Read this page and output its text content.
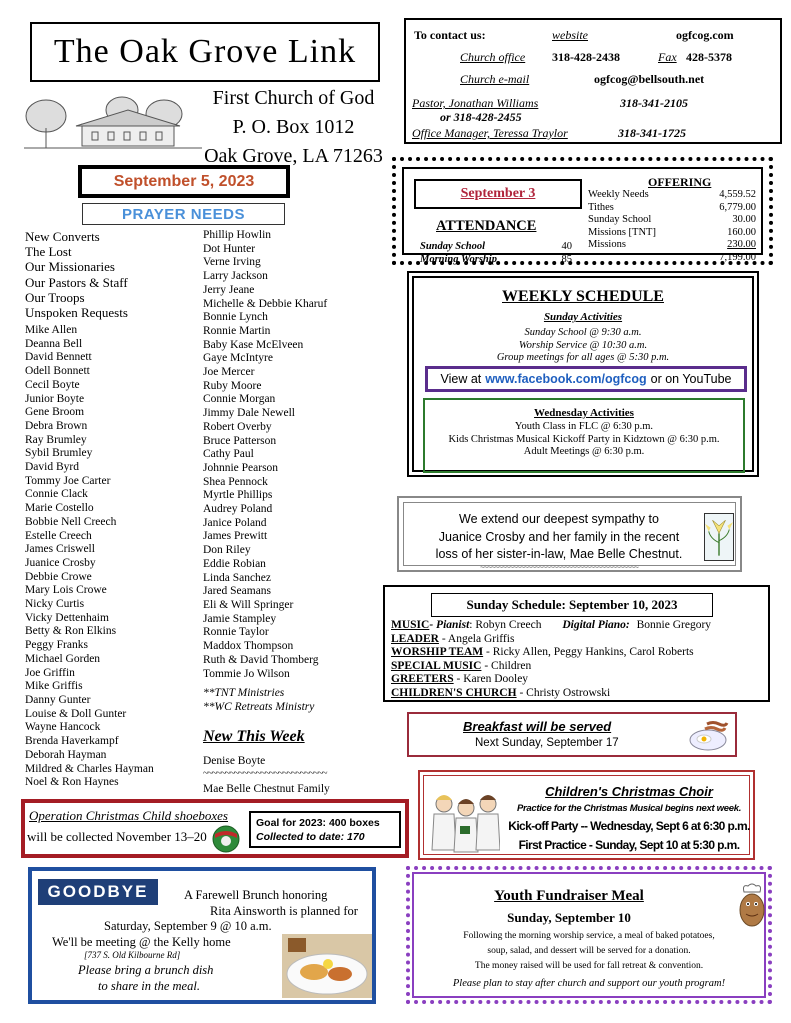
The Oak Grove Link
First Church of God
P. O. Box 1012
Oak Grove, LA 71263
September 5, 2023
PRAYER NEEDS
New Converts
The Lost
Our Missionaries
Our Pastors & Staff
Our Troops
Unspoken Requests
Mike Allen
Deanna Bell
David Bennett
Odell Bonnett
Cecil Boyte
Junior Boyte
Gene Broom
Debra Brown
Ray Brumley
Sybil Brumley
David Byrd
Tommy Joe Carter
Connie Clack
Marie Costello
Bobbie Nell Creech
Estelle Creech
James Criswell
Juanice Crosby
Debbie Crowe
Mary Lois Crowe
Nicky Curtis
Vicky Dettenhaim
Betty & Ron Elkins
Peggy Franks
Michael Gorden
Joe Griffin
Mike Griffis
Danny Gunter
Louise & Doll Gunter
Wayne Hancock
Brenda Haverkampf
Deborah Hayman
Mildred & Charles Hayman
Noel & Ron Haynes
Phillip Howlin
Dot Hunter
Verne Irving
Larry Jackson
Jerry Jeane
Michelle & Debbie Kharuf
Bonnie Lynch
Ronnie Martin
Baby Kase McElveen
Gaye McIntyre
Joe Mercer
Ruby Moore
Connie Morgan
Jimmy Dale Newell
Robert Overby
Bruce Patterson
Cathy Paul
Johnnie Pearson
Shea Pennock
Myrtle Phillips
Audrey Poland
Janice Poland
James Prewitt
Don Riley
Eddie Robian
Linda Sanchez
Jared Seamans
Eli & Will Springer
Jamie Stampley
Ronnie Taylor
Maddox Thompson
Ruth & David Thomberg
Tommie Jo Wilson
**TNT Ministries
**WC Retreats Ministry
New This Week
Denise Boyte
~~~~~~~~~~~~~~~~~~~~~~~~~~~~
Mae Belle Chestnut Family
To contact us:	website	ogfcog.com
Church office 318-428-2438	Fax 428-5378
Church e-mail	ogfcog@bellsouth.net
Pastor, Jonathan Williams	318-341-2105
or 318-428-2455
Office Manager, Teressa Traylor	318-341-1725
September 3
ATTENDANCE
Sunday School	40
Morning Worship	85
OFFERING
Weekly Needs	4,559.52
Tithes	6,779.00
Sunday School	30.00
Missions [TNT]	160.00
Missions	230.00
7,199.00
WEEKLY SCHEDULE
Sunday Activities
Sunday School @ 9:30 a.m.
Worship Service @ 10:30 a.m.
Group meetings for all ages @ 5:30 p.m.
View at www.facebook.com/ogfcog or on YouTube
Wednesday Activities
Youth Class in FLC @ 6:30 p.m.
Kids Christmas Musical Kickoff Party in Kidztown @ 6:30 p.m.
Adult Meetings @ 6:30 p.m.
We extend our deepest sympathy to
Juanice Crosby and her family in the recent
loss of her sister-in-law, Mae Belle Chestnut.
~~~~~~~~~~~~~~~~~~~~~~~~~~~~~~~~~~~~~~~~~~~
Sunday Schedule: September 10, 2023
MUSIC- Pianist: Robyn Creech Digital Piano: Bonnie Gregory
LEADER - Angela Griffis
WORSHIP TEAM - Ricky Allen, Peggy Hankins, Carol Roberts
SPECIAL MUSIC - Children
GREETERS - Karen Dooley
CHILDREN'S CHURCH - Christy Ostrowski
Breakfast will be served
Next Sunday, September 17
Children's Christmas Choir
Practice for the Christmas Musical begins next week.
Kick-off Party -- Wednesday, Sept 6 at 6:30 p.m.
First Practice - Sunday, Sept 10 at 5:30 p.m.
Operation Christmas Child shoeboxes
will be collected November 13–20
Goal for 2023: 400 boxes
Collected to date: 170
GOODBYE	A Farewell Brunch honoring
Rita Ainsworth is planned for
Saturday, September 9 @ 10 a.m.
We'll be meeting @ the Kelly home
[737 S. Old Kilbourne Rd]
Please bring a brunch dish
to share in the meal.
Youth Fundraiser Meal
Sunday, September 10
Following the morning worship service, a meal of baked potatoes,
soup, salad, and dessert will be served for a donation.
The money raised will be used for fall retreat & convention.
Please plan to stay after church and support our youth program!
